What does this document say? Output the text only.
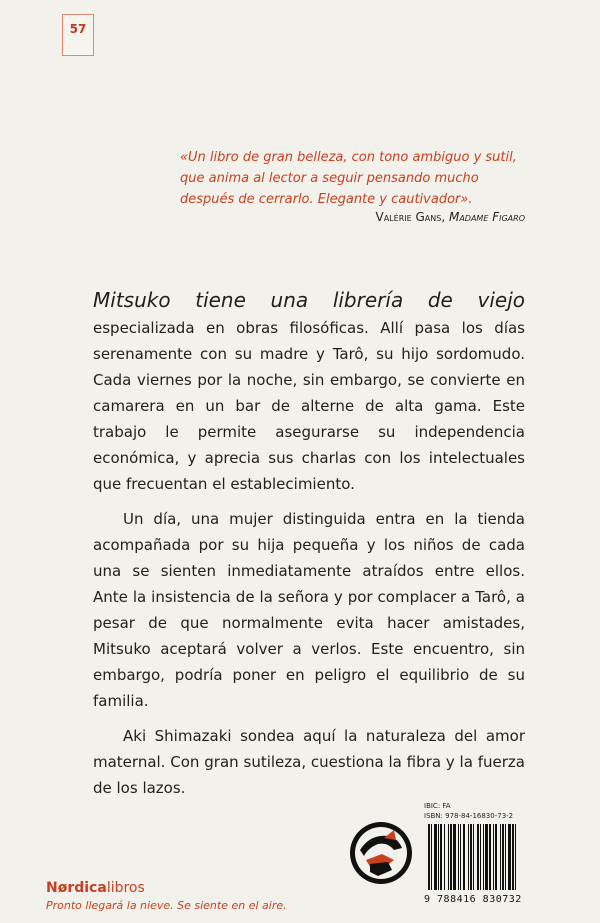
57
«Un libro de gran belleza, con tono ambiguo y sutil, que anima al lector a seguir pensando mucho después de cerrarlo. Elegante y cautivador».
Valérie Gans, Madame Figaro

Mitsuko tiene una librería de viejo especializada en obras filosóficas. Allí pasa los días serenamente con su madre y Tarô, su hijo sordomudo. Cada viernes por la noche, sin embargo, se convierte en camarera en un bar de alterne de alta gama. Este trabajo le permite asegurarse su independencia económica, y aprecia sus charlas con los intelectuales que frecuentan el establecimiento.

Un día, una mujer distinguida entra en la tienda acompañada por su hija pequeña y los niños de cada una se sienten inmediatamente atraídos entre ellos. Ante la insistencia de la señora y por complacer a Tarô, a pesar de que normalmente evita hacer amistades, Mitsuko aceptará volver a verlos. Este encuentro, sin embargo, podría poner en peligro el equilibrio de su familia.

Aki Shimazaki sondea aquí la naturaleza del amor maternal. Con gran sutileza, cuestiona la fibra y la fuerza de los lazos.

IBIC: FA
ISBN: 978-84-16830-73-2
9 788416 830732
Nørdicalibros
Pronto llegará la nieve. Se siente en el aire.
